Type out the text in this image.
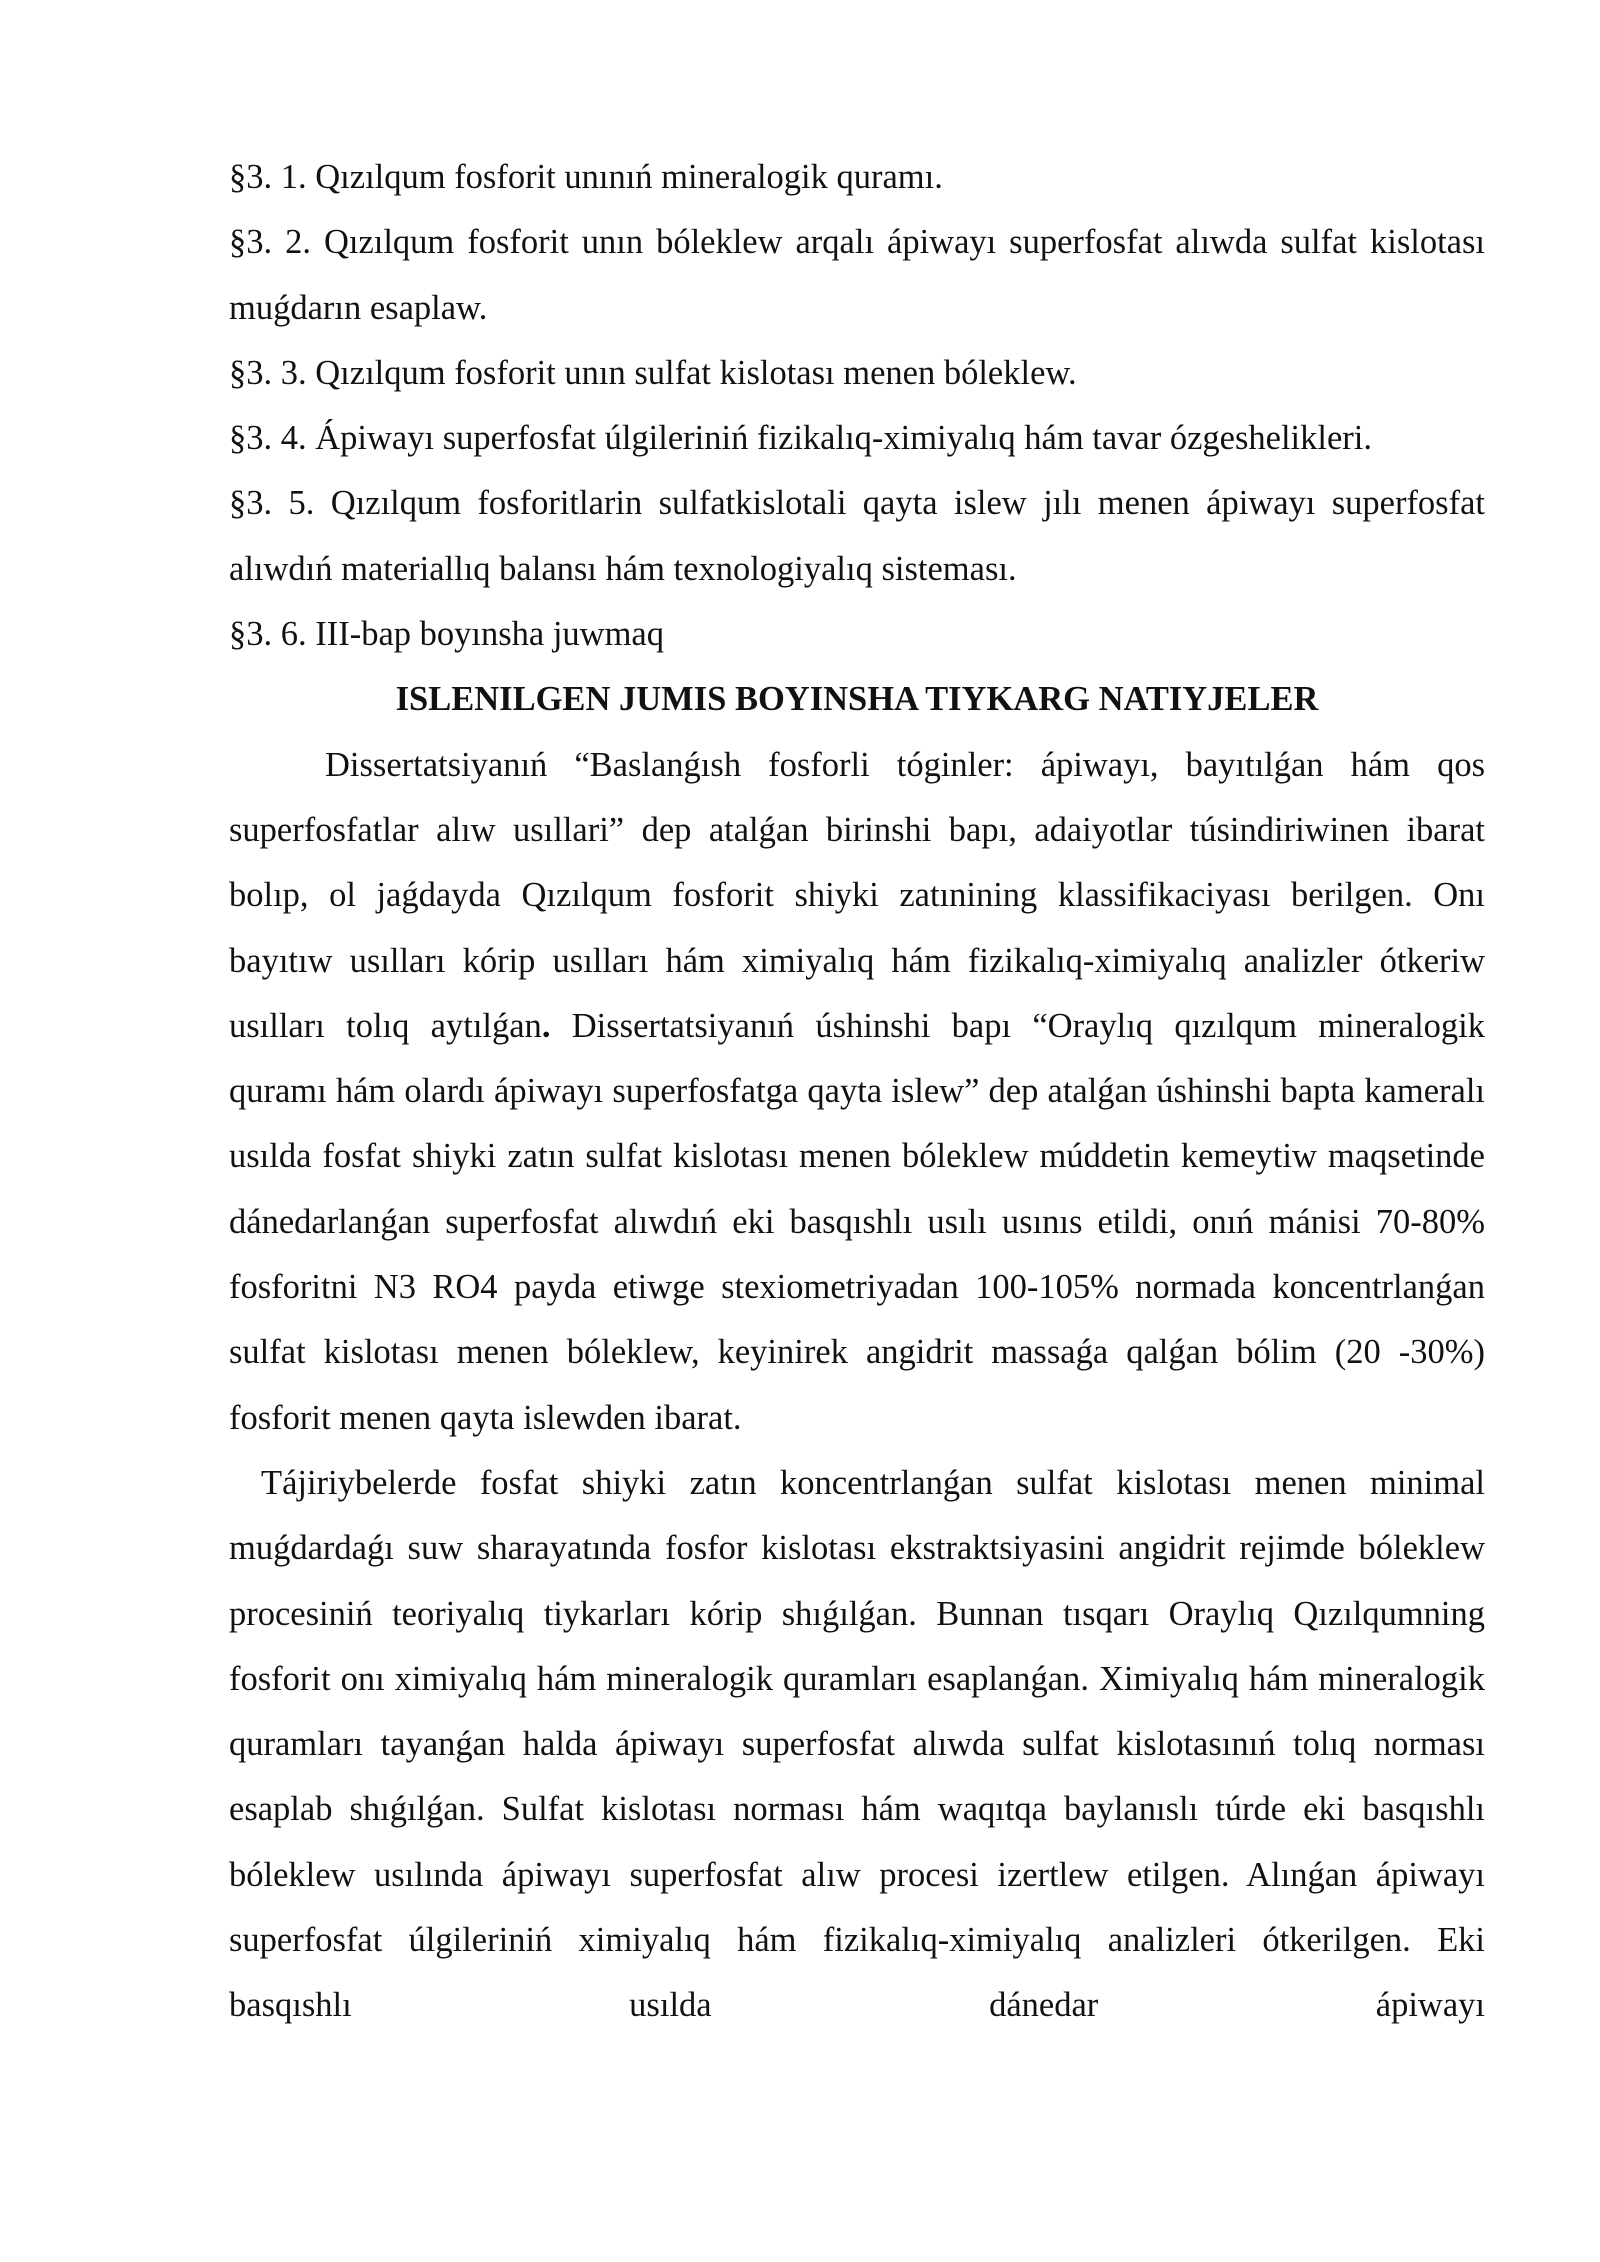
§3. 1. Qızılqum fosforit unınıń mineralogik quramı.

§3. 2. Qızılqum fosforit unın bóleklew arqalı ápiwayı superfosfat alıwda sulfat kislotası muǵdarın esaplaw.

§3. 3. Qızılqum fosforit unın sulfat kislotası menen bóleklew.

§3. 4. Ápiwayı superfosfat úlgileriniń fizikalıq-ximiyalıq hám tavar ózgeshelikleri.

§3. 5. Qızılqum fosforitlarin sulfatkislotali qayta islew jılı menen ápiwayı superfosfat alıwdıń materiallıq balansı hám texnologiyalıq sisteması.

§3. 6. III-bap boyınsha juwmaq

ISLENILGEN JUMIS BOYINSHA TIYKARG NATIYJELER

Dissertatsiyanıń “Baslanǵısh fosforli tóginler: ápiwayı, bayıtılǵan hám qos superfosfatlar alıw usıllari” dep atalǵan birinshi bapı, adaiyotlar túsindiriwinen ibarat bolıp, ol jaǵdayda Qızılqum fosforit shiyki zatınining klassifikaciyası berilgen. Onı bayıtıw usılları kórip usılları hám ximiyalıq hám fizikalıq-ximiyalıq analizler ótkeriw usılları tolıq aytılǵan. Dissertatsiyanıń úshinshi bapı “Oraylıq qızılqum mineralogik quramı hám olardı ápiwayı superfosfatga qayta islew” dep atalǵan úshinshi bapta kameralı usılda fosfat shiyki zatın sulfat kislotası menen bóleklew múddetin kemeytiw maqsetinde dánedarlanǵan superfosfat alıwdıń eki basqıshlı usılı usınıs etildi, onıń mánisi 70-80% fosforitni N3 RO4 payda etiwge stexiometriyadan 100-105% normada koncentrlanǵan sulfat kislotası menen bóleklew, keyinirek angidrit massaǵa qalǵan bólim (20 -30%) fosforit menen qayta islewden ibarat.

Tájiriybelerde fosfat shiyki zatın koncentrlanǵan sulfat kislotası menen minimal muǵdardaǵı suw sharayatında fosfor kislotası ekstraktsiyasini angidrit rejimde bóleklew procesiniń teoriyalıq tiykarları kórip shıǵılǵan. Bunnan tısqarı Oraylıq Qızılqumning fosforit onı ximiyalıq hám mineralogik quramları esaplanǵan. Ximiyalıq hám mineralogik quramları tayanǵan halda ápiwayı superfosfat alıwda sulfat kislotasınıń tolıq norması esaplab shıǵılǵan. Sulfat kislotası norması hám waqıtqa baylanıslı túrde eki basqıshlı bóleklew usılında ápiwayı superfosfat alıw procesi izertlew etilgen. Alınǵan ápiwayı superfosfat úlgileriniń ximiyalıq hám fizikalıq-ximiyalıq analizleri ótkerilgen. Eki basqıshlı usılda dánedar ápiwayı
